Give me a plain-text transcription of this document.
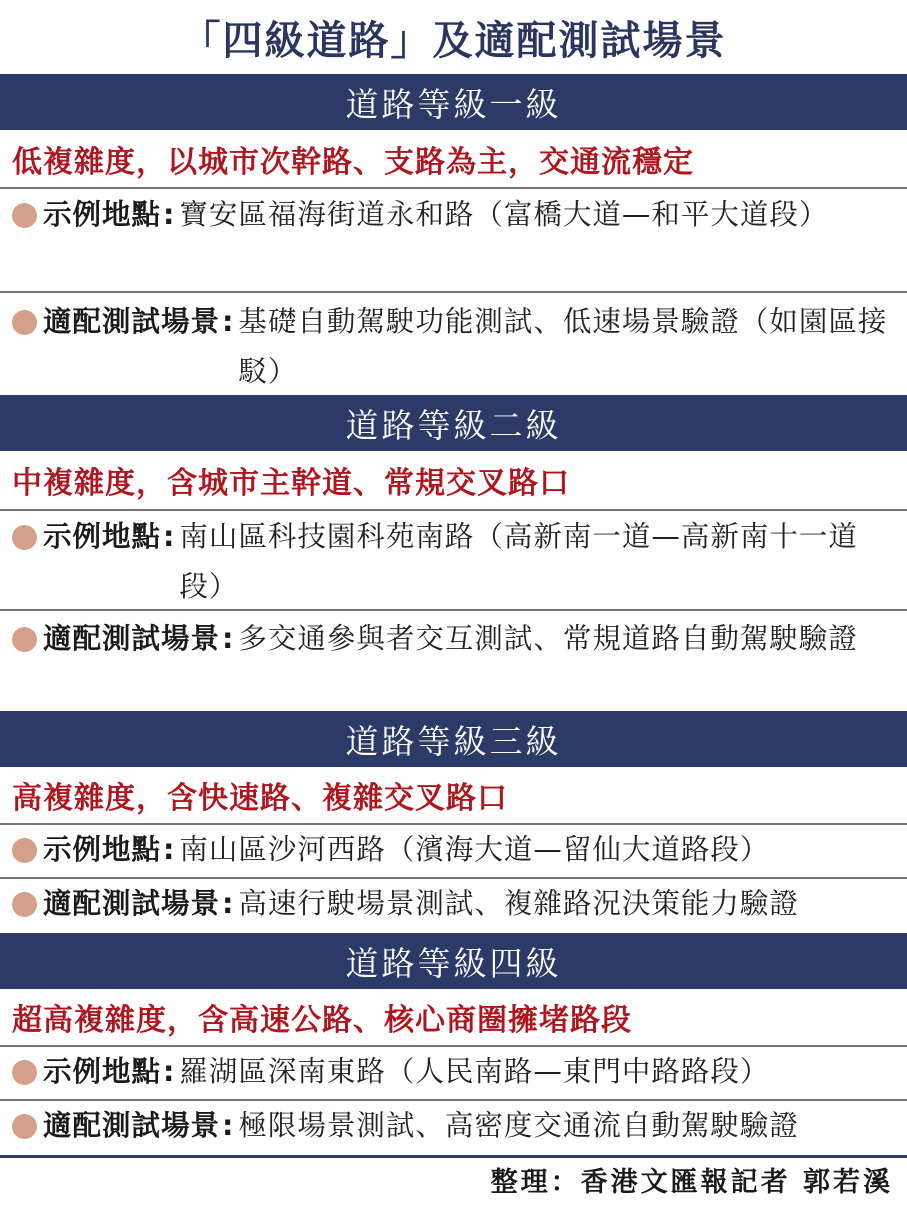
「四級道路」及適配測試場景
道路等級一級
低複雜度，以城市次幹路、支路為主，交通流穩定
示例地點 : 寶安區福海街道永和路（富橋大道—和平大道段）
適配測試場景 : 基礎自動駕駛功能測試、低速場景驗證（如園區接駁）
道路等級二級
中複雜度，含城市主幹道、常規交叉路口
示例地點 : 南山區科技園科苑南路（高新南一道—高新南十一道段）
適配測試場景 : 多交通參與者交互測試、常規道路自動駕駛驗證
道路等級三級
高複雜度，含快速路、複雜交叉路口
示例地點 : 南山區沙河西路（濱海大道—留仙大道路段）
適配測試場景 : 高速行駛場景測試、複雜路況決策能力驗證
道路等級四級
超高複雜度，含高速公路、核心商圈擁堵路段
示例地點 : 羅湖區深南東路（人民南路—東門中路路段）
適配測試場景 : 極限場景測試、高密度交通流自動駕駛驗證
整理：香港文匯報記者 郭若溪
